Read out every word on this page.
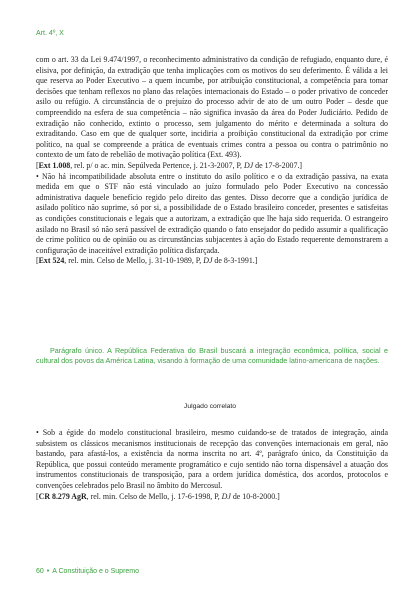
Art. 4º, X

com o art. 33 da Lei 9.474/1997, o reconhecimento administrativo da condição de refugiado, enquanto dure, é elisiva, por definição, da extradição que tenha implicações com os motivos do seu deferimento. É válida a lei que reserva ao Poder Executivo – a quem incumbe, por atribuição constitucional, a competência para tomar decisões que tenham reflexos no plano das relações internacionais do Estado – o poder privativo de conceder asilo ou refúgio. A circunstância de o prejuízo do processo advir de ato de um outro Poder – desde que compreendido na esfera de sua competência – não significa invasão da área do Poder Judiciário. Pedido de extradição não conhecido, extinto o processo, sem julgamento do mérito e determinada a soltura do extraditando. Caso em que de qualquer sorte, incidiria a proibição constitucional da extradição por crime político, na qual se compreende a prática de eventuais crimes contra a pessoa ou contra o patrimônio no contexto de um fato de rebelião de motivação política (Ext. 493).

[Ext 1.008, rel. p/ o ac. min. Sepúlveda Pertence, j. 21-3-2007, P, DJ de 17-8-2007.]

• Não há incompatibilidade absoluta entre o instituto do asilo político e o da extradição passiva, na exata medida em que o STF não está vinculado ao juízo formulado pelo Poder Executivo na concessão administrativa daquele benefício regido pelo direito das gentes. Disso decorre que a condição jurídica de asilado político não suprime, só por si, a possibilidade de o Estado brasileiro conceder, presentes e satisfeitas as condições constitucionais e legais que a autorizam, a extradição que lhe haja sido requerida. O estrangeiro asilado no Brasil só não será passível de extradição quando o fato ensejador do pedido assumir a qualificação de crime político ou de opinião ou as circunstâncias subjacentes à ação do Estado requerente demonstrarem a configuração de inaceitável extradição política disfarçada.

[Ext 524, rel. min. Celso de Mello, j. 31-10-1989, P, DJ de 8-3-1991.]

Parágrafo único. A República Federativa do Brasil buscará a integração econômica, política, social e cultural dos povos da América Latina, visando à formação de uma comunidade latino-americana de nações.

Julgado correlato

• Sob a égide do modelo constitucional brasileiro, mesmo cuidando-se de tratados de integração, ainda subsistem os clássicos mecanismos institucionais de recepção das convenções internacionais em geral, não bastando, para afastá-los, a existência da norma inscrita no art. 4º, parágrafo único, da Constituição da República, que possui conteúdo meramente programático e cujo sentido não torna dispensável a atuação dos instrumentos constitucionais de transposição, para a ordem jurídica doméstica, dos acordos, protocolos e convenções celebrados pelo Brasil no âmbito do Mercosul.

[CR 8.279 AgR, rel. min. Celso de Mello, j. 17-6-1998, P, DJ de 10-8-2000.]

60 • A Constituição e o Supremo
